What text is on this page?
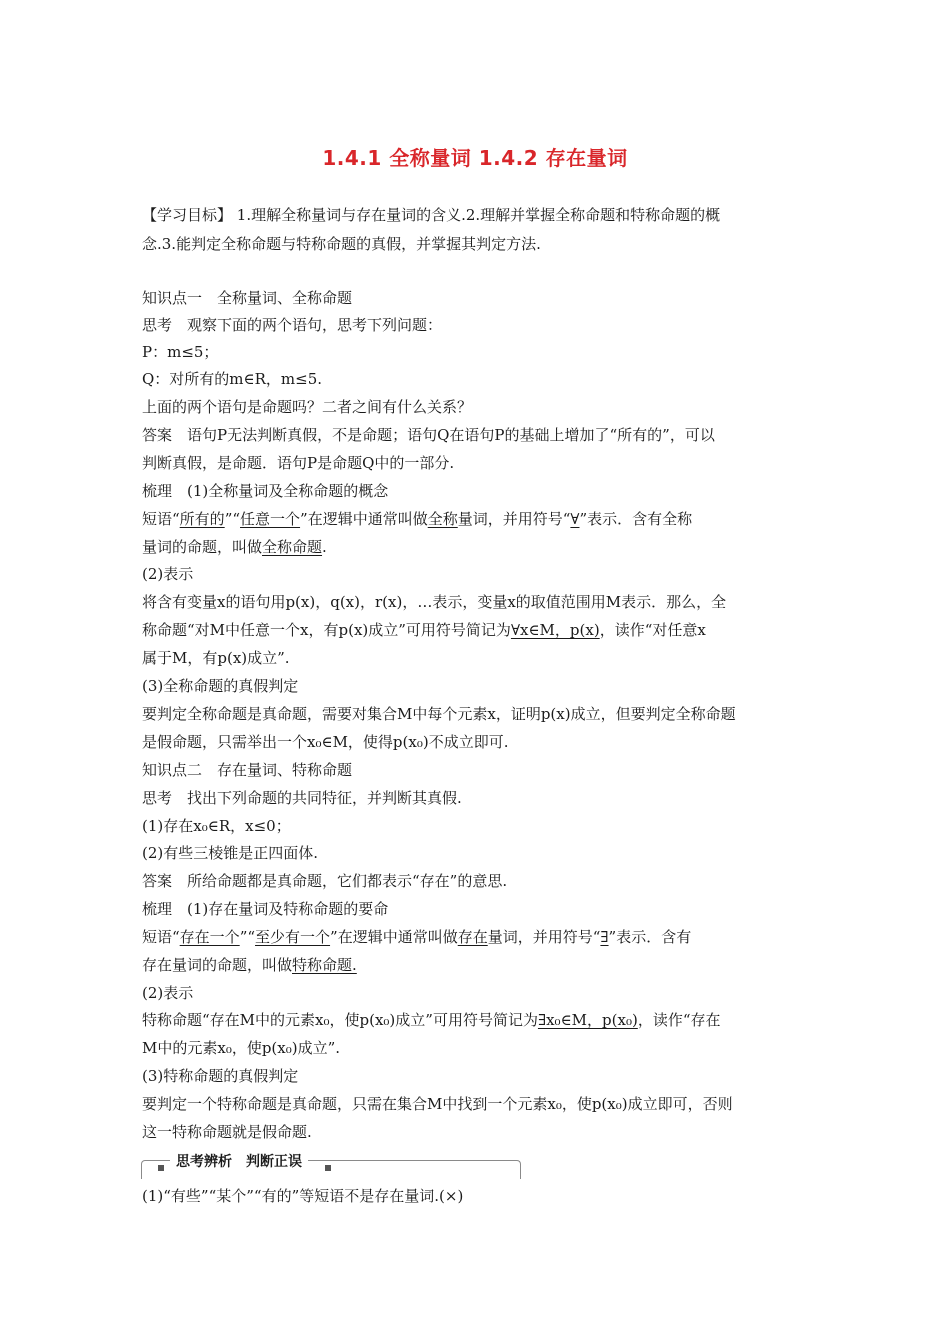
1.4.1 全称量词 1.4.2 存在量词
【学习目标】 1.理解全称量词与存在量词的含义.2.理解并掌握全称命题和特称命题的概
念.3.能判定全称命题与特称命题的真假，并掌握其判定方法.
知识点一　全称量词、全称命题
思考　观察下面的两个语句，思考下列问题：
P：m≤5；
Q：对所有的m∈R，m≤5.
上面的两个语句是命题吗？二者之间有什么关系？
答案　语句P无法判断真假，不是命题；语句Q在语句P的基础上增加了“所有的”，可以
判断真假，是命题．语句P是命题Q中的一部分.
梳理　(1)全称量词及全称命题的概念
短语“所有的”“任意一个”在逻辑中通常叫做全称量词，并用符号“∀”表示．含有全称
量词的命题，叫做全称命题.
(2)表示
将含有变量x的语句用p(x)，q(x)，r(x)，…表示，变量x的取值范围用M表示．那么，全
称命题“对M中任意一个x，有p(x)成立”可用符号简记为∀x∈M，p(x)，读作“对任意x
属于M，有p(x)成立”.
(3)全称命题的真假判定
要判定全称命题是真命题，需要对集合M中每个元素x，证明p(x)成立，但要判定全称命题
是假命题，只需举出一个x₀∈M，使得p(x₀)不成立即可.
知识点二　存在量词、特称命题
思考　找出下列命题的共同特征，并判断其真假.
(1)存在x₀∈R，x≤0；
(2)有些三棱锥是正四面体.
答案　所给命题都是真命题，它们都表示“存在”的意思.
梳理　(1)存在量词及特称命题的要命
短语“存在一个”“至少有一个”在逻辑中通常叫做存在量词，并用符号“∃”表示．含有
存在量词的命题，叫做特称命题.
(2)表示
特称命题“存在M中的元素x₀，使p(x₀)成立”可用符号简记为∃x₀∈M，p(x₀)，读作“存在
M中的元素x₀，使p(x₀)成立”.
(3)特称命题的真假判定
要判定一个特称命题是真命题，只需在集合M中找到一个元素x₀，使p(x₀)成立即可，否则
这一特称命题就是假命题.
思考辨析　判断正误
(1)“有些”“某个”“有的”等短语不是存在量词.(×)
